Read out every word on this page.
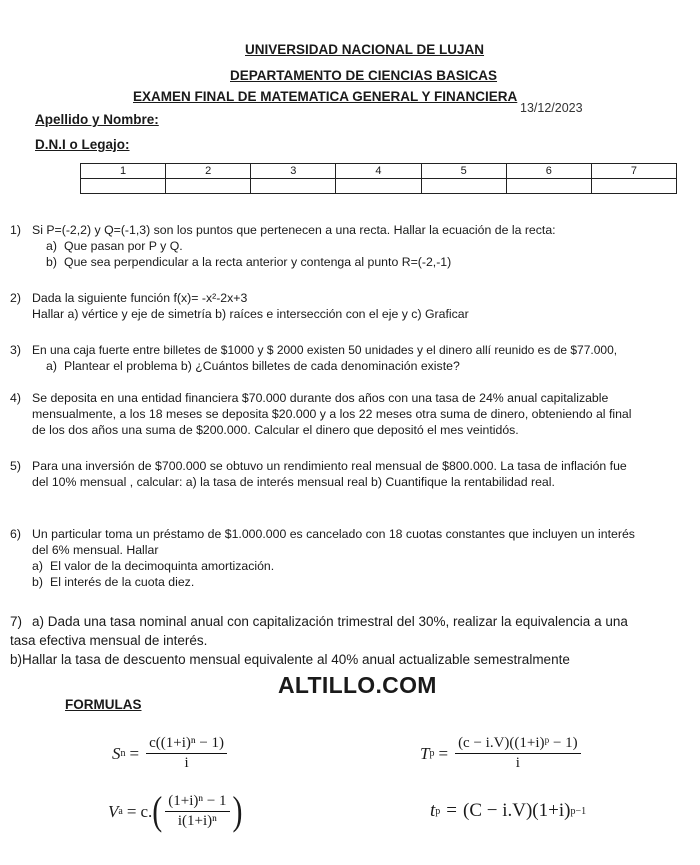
UNIVERSIDAD NACIONAL DE LUJAN
DEPARTAMENTO DE CIENCIAS BASICAS
EXAMEN FINAL DE MATEMATICA GENERAL Y FINANCIERA
13/12/2023
Apellido y Nombre:
D.N.I o Legajo:
1	2	3	4	5	6	7

1) Si P=(-2,2) y Q=(-1,3) son los puntos que pertenecen a una recta. Hallar la ecuación de la recta:
a) Que pasan por P y Q.
b) Que sea perpendicular a la recta anterior y contenga al punto R=(-2,-1)
2) Dada la siguiente función f(x)= -x²-2x+3
Hallar a) vértice y eje de simetría b) raíces e intersección con el eje y c) Graficar
3) En una caja fuerte entre billetes de $1000 y $ 2000 existen 50 unidades y el dinero allí reunido es de $77.000,
a) Plantear el problema b) ¿Cuántos billetes de cada denominación existe?
4) Se deposita en una entidad financiera $70.000 durante dos años con una tasa de 24% anual capitalizable
mensualmente, a los 18 meses se deposita $20.000 y a los 22 meses otra suma de dinero, obteniendo al final
de los dos años una suma de $200.000. Calcular el dinero que depositó el mes veintidós.
5) Para una inversión de $700.000 se obtuvo un rendimiento real mensual de $800.000. La tasa de inflación fue
del 10% mensual , calcular: a) la tasa de interés mensual real b) Cuantifique la rentabilidad real.
6) Un particular toma un préstamo de $1.000.000 es cancelado con 18 cuotas constantes que incluyen un interés
del 6% mensual. Hallar
a) El valor de la decimoquinta amortización.
b) El interés de la cuota diez.
7) a) Dada una tasa nominal anual con capitalización trimestral del 30%, realizar la equivalencia a una
tasa efectiva mensual de interés.
b)Hallar la tasa de descuento mensual equivalente al 40% anual actualizable semestralmente
ALTILLO.COM
FORMULAS
S $n = \frac{\text{c((1+i)ⁿ − 1)}}{i}$	T $p = \frac{\text{(c − i.V)((1+i)ᵖ − 1)}}{i}$
V a = c. ( $\frac{\text{(1+i)ⁿ − 1}}{\text{i(1+i)ⁿ}}$ )	t p = (C − i.V)(1+i) p−1
